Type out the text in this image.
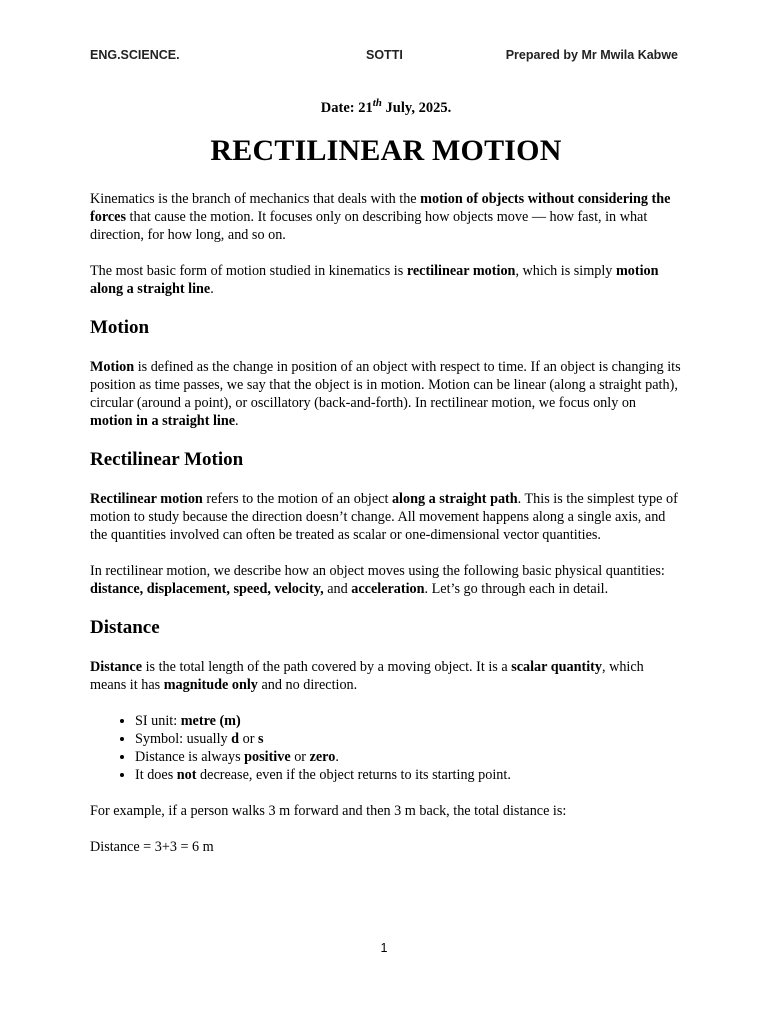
ENG.SCIENCE.	SOTTI	Prepared by Mr Mwila Kabwe
Date: 21th July, 2025.
RECTILINEAR MOTION

Kinematics is the branch of mechanics that deals with the motion of objects without considering the forces that cause the motion. It focuses only on describing how objects move — how fast, in what direction, for how long, and so on.

The most basic form of motion studied in kinematics is rectilinear motion, which is simply motion along a straight line.

Motion

Motion is defined as the change in position of an object with respect to time. If an object is changing its position as time passes, we say that the object is in motion. Motion can be linear (along a straight path), circular (around a point), or oscillatory (back-and-forth). In rectilinear motion, we focus only on motion in a straight line.

Rectilinear Motion

Rectilinear motion refers to the motion of an object along a straight path. This is the simplest type of motion to study because the direction doesn’t change. All movement happens along a single axis, and the quantities involved can often be treated as scalar or one-dimensional vector quantities.

In rectilinear motion, we describe how an object moves using the following basic physical quantities: distance, displacement, speed, velocity, and acceleration. Let’s go through each in detail.

Distance

Distance is the total length of the path covered by a moving object. It is a scalar quantity, which means it has magnitude only and no direction.

• SI unit: metre (m)
• Symbol: usually d or s
• Distance is always positive or zero.
• It does not decrease, even if the object returns to its starting point.

For example, if a person walks 3 m forward and then 3 m back, the total distance is:

Distance = 3+3 = 6 m

1
